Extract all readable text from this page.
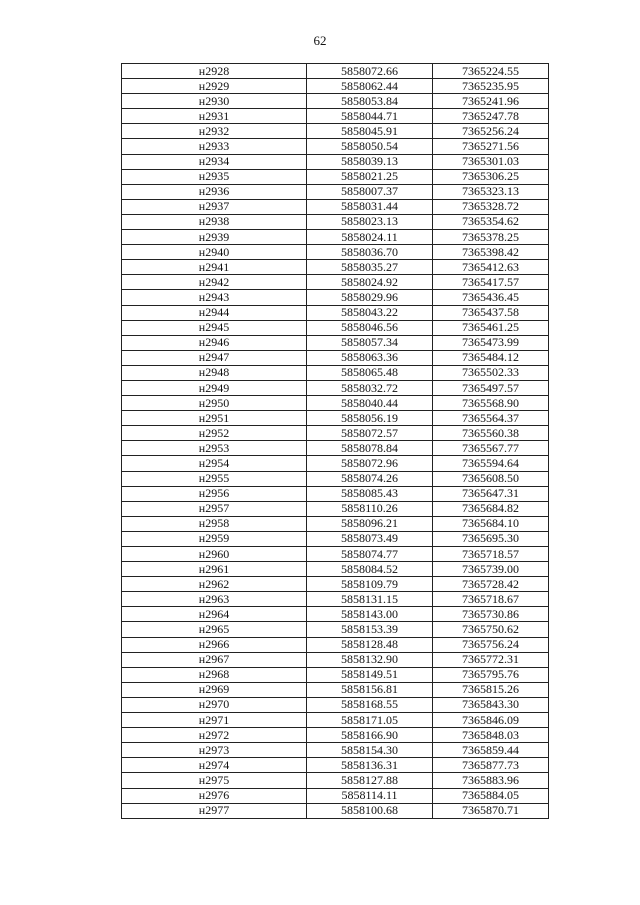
62
н2928	5858072.66	7365224.55
н2929	5858062.44	7365235.95
н2930	5858053.84	7365241.96
н2931	5858044.71	7365247.78
н2932	5858045.91	7365256.24
н2933	5858050.54	7365271.56
н2934	5858039.13	7365301.03
н2935	5858021.25	7365306.25
н2936	5858007.37	7365323.13
н2937	5858031.44	7365328.72
н2938	5858023.13	7365354.62
н2939	5858024.11	7365378.25
н2940	5858036.70	7365398.42
н2941	5858035.27	7365412.63
н2942	5858024.92	7365417.57
н2943	5858029.96	7365436.45
н2944	5858043.22	7365437.58
н2945	5858046.56	7365461.25
н2946	5858057.34	7365473.99
н2947	5858063.36	7365484.12
н2948	5858065.48	7365502.33
н2949	5858032.72	7365497.57
н2950	5858040.44	7365568.90
н2951	5858056.19	7365564.37
н2952	5858072.57	7365560.38
н2953	5858078.84	7365567.77
н2954	5858072.96	7365594.64
н2955	5858074.26	7365608.50
н2956	5858085.43	7365647.31
н2957	5858110.26	7365684.82
н2958	5858096.21	7365684.10
н2959	5858073.49	7365695.30
н2960	5858074.77	7365718.57
н2961	5858084.52	7365739.00
н2962	5858109.79	7365728.42
н2963	5858131.15	7365718.67
н2964	5858143.00	7365730.86
н2965	5858153.39	7365750.62
н2966	5858128.48	7365756.24
н2967	5858132.90	7365772.31
н2968	5858149.51	7365795.76
н2969	5858156.81	7365815.26
н2970	5858168.55	7365843.30
н2971	5858171.05	7365846.09
н2972	5858166.90	7365848.03
н2973	5858154.30	7365859.44
н2974	5858136.31	7365877.73
н2975	5858127.88	7365883.96
н2976	5858114.11	7365884.05
н2977	5858100.68	7365870.71
